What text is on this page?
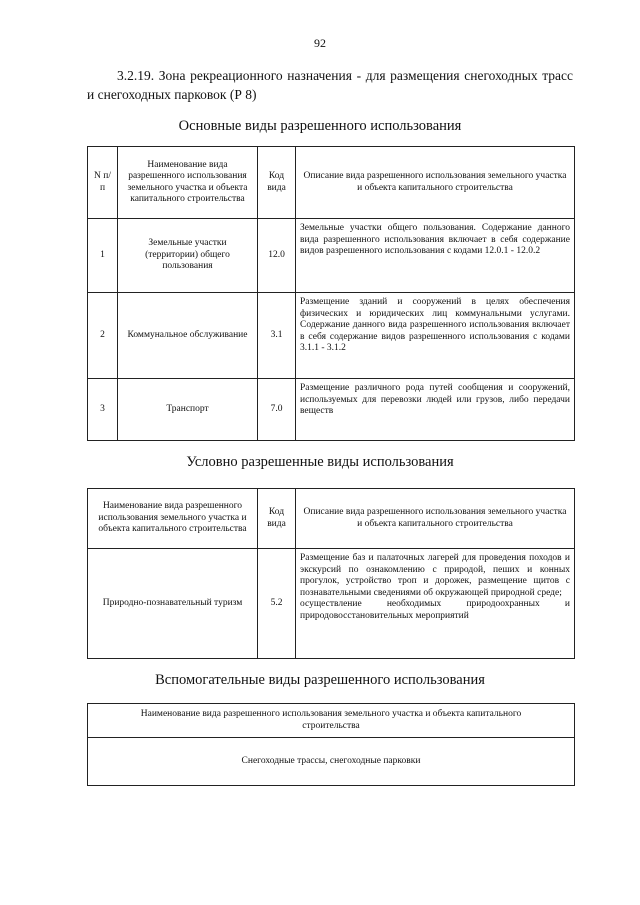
92
3.2.19. Зона рекреационного назначения - для размещения снегоходных трасс и снегоходных парковок (Р 8)
Основные виды разрешенного использования
N п/п	Наименование вида разрешенного использования земельного участка и объекта капитального строительства	Код вида	Описание вида разрешенного использования земельного участка и объекта капитального строительства
1	Земельные участки (территории) общего пользования	12.0	Земельные участки общего пользования. Содержание данного вида разрешенного использования включает в себя содержание видов разрешенного использования с кодами 12.0.1 - 12.0.2
2	Коммунальное обслуживание	3.1	Размещение зданий и сооружений в целях обеспечения физических и юридических лиц коммунальными услугами. Содержание данного вида разрешенного использования включает в себя содержание видов разрешенного использования с кодами 3.1.1 - 3.1.2
3	Транспорт	7.0	Размещение различного рода путей сообщения и сооружений, используемых для перевозки людей или грузов, либо передачи веществ
Условно разрешенные виды использования
Наименование вида разрешенного использования земельного участка и объекта капитального строительства	Код вида	Описание вида разрешенного использования земельного участка и объекта капитального строительства
Природно-познавательный туризм	5.2	Размещение баз и палаточных лагерей для проведения походов и экскурсий по ознакомлению с природой, пеших и конных прогулок, устройство троп и дорожек, размещение щитов с познавательными сведениями об окружающей природной среде;
осуществление необходимых природоохранных и природовосстановительных мероприятий
Вспомогательные виды разрешенного использования
Наименование вида разрешенного использования земельного участка и объекта капитального строительства
Снегоходные трассы, снегоходные парковки
